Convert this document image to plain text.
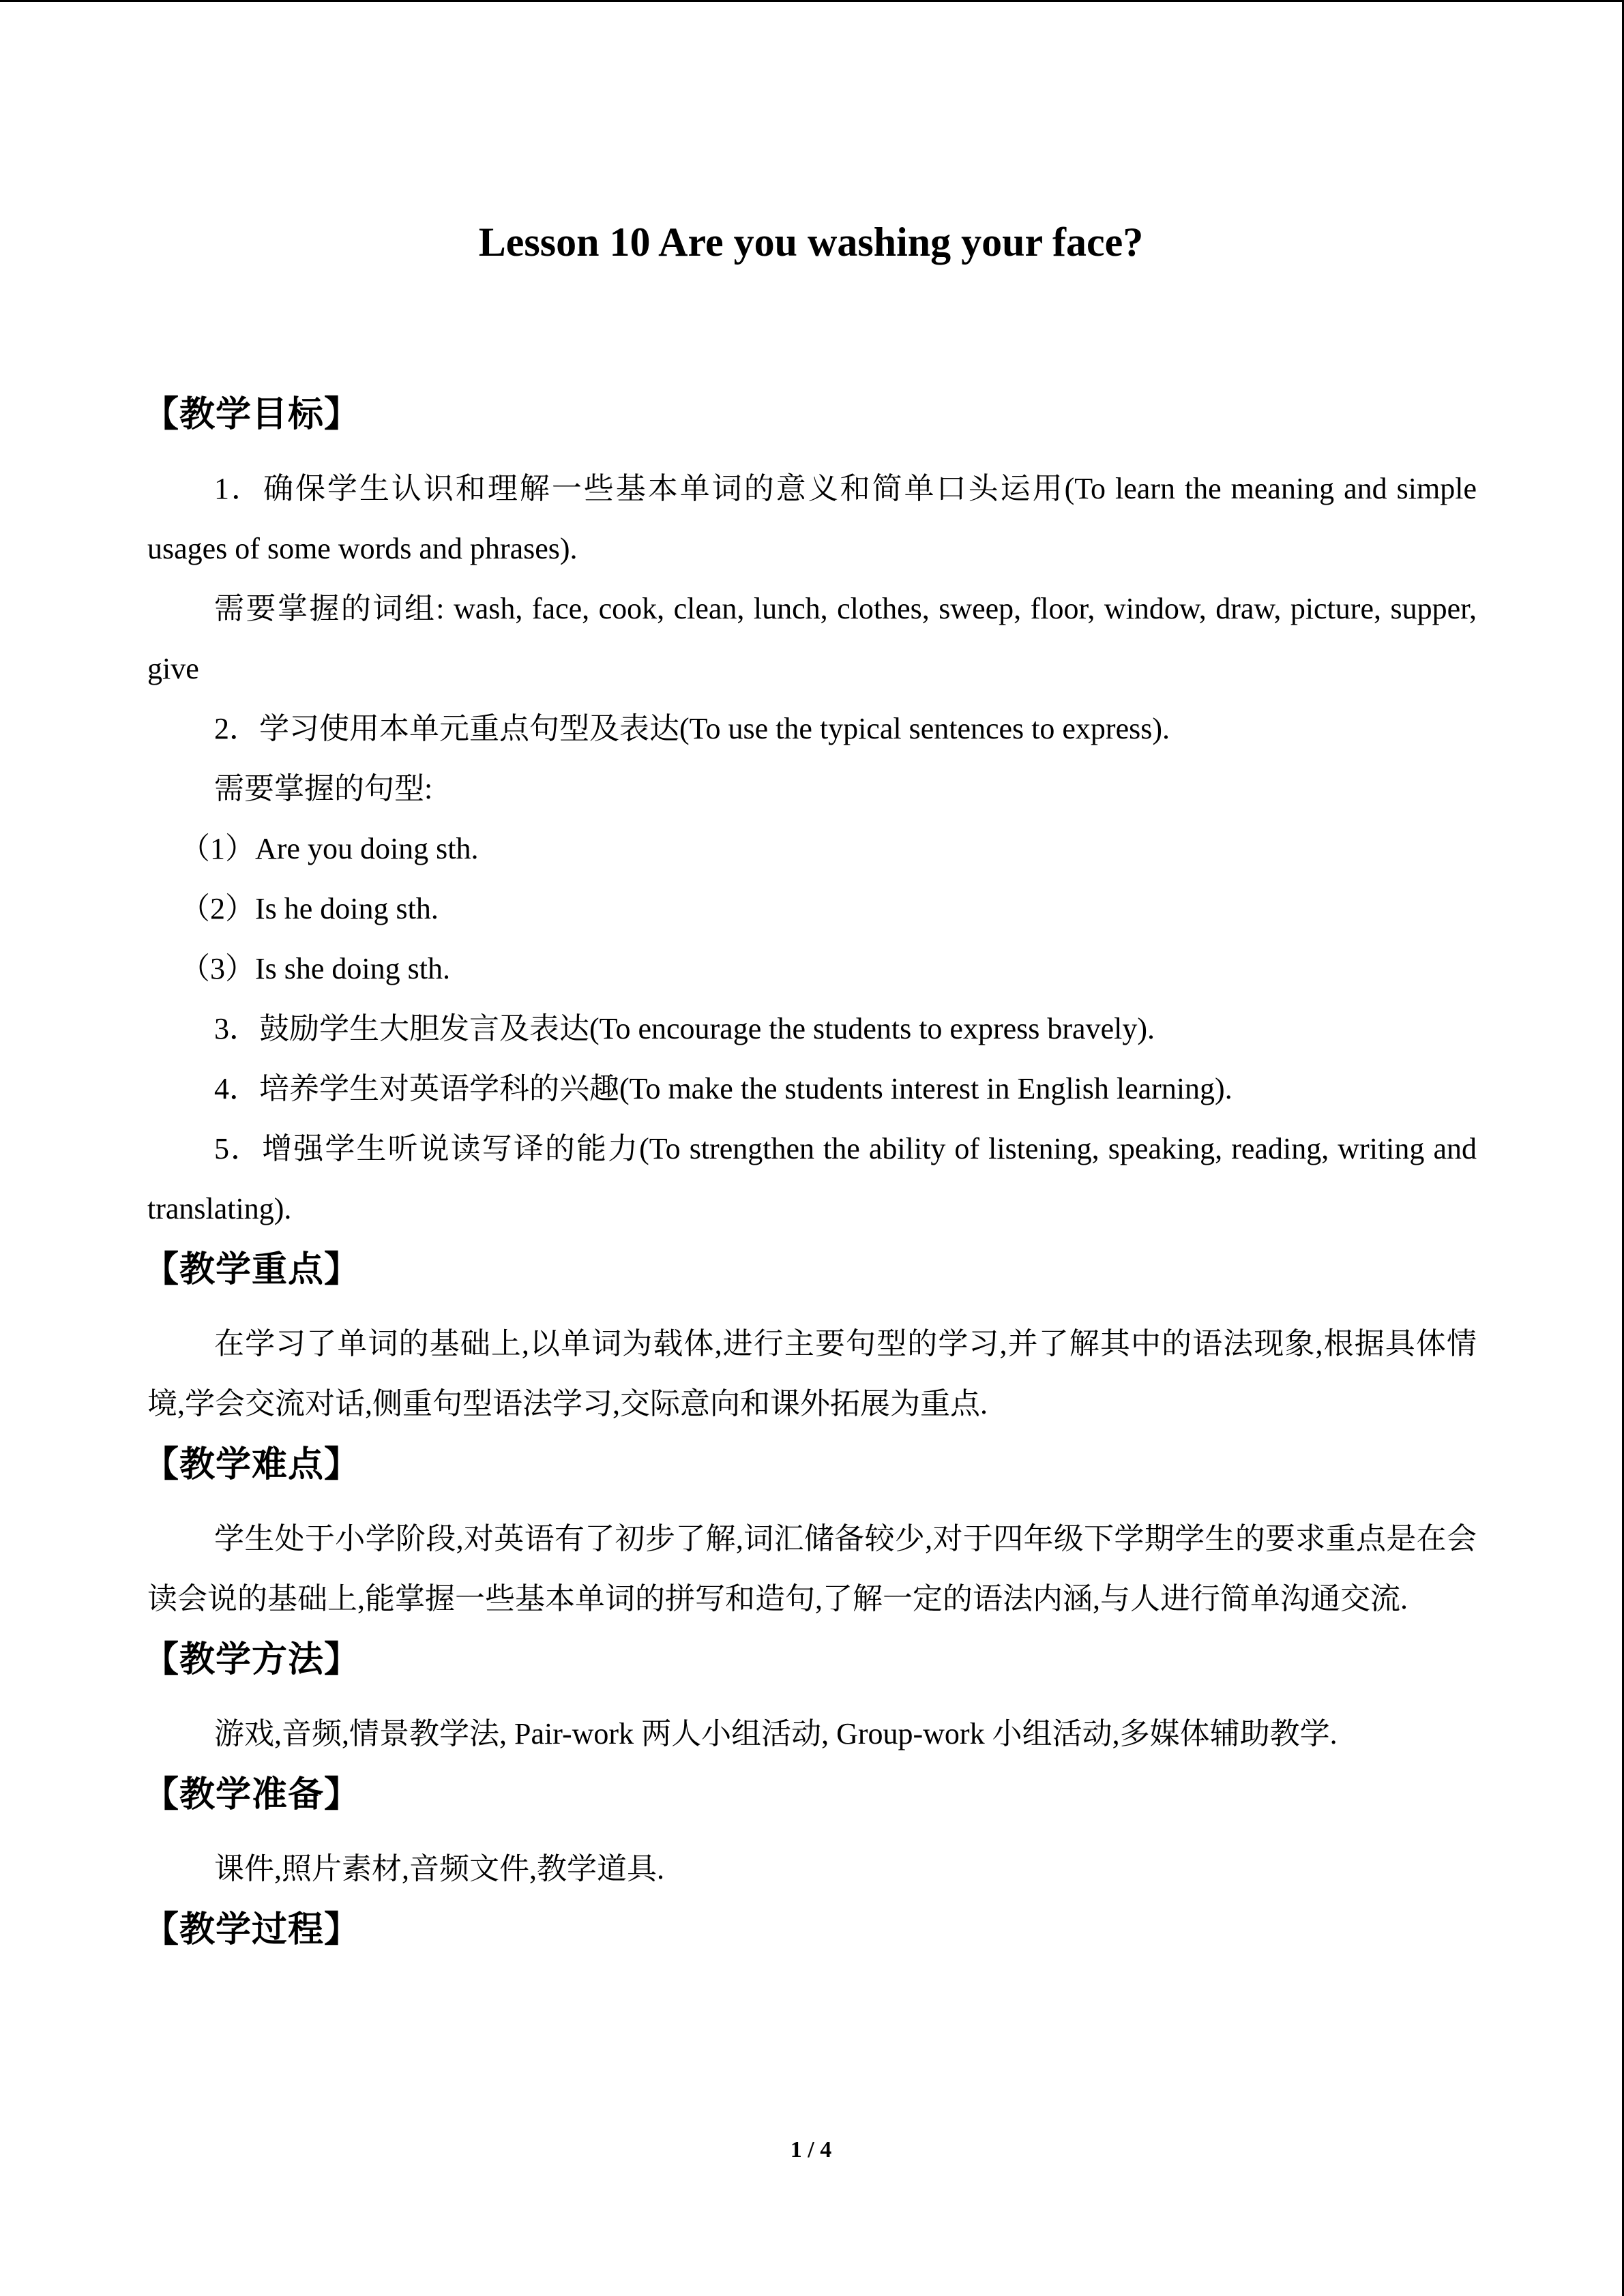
Lesson 10 Are you washing your face?
【教学目标】

1．确保学生认识和理解一些基本单词的意义和简单口头运用(To learn the meaning and simple usages of some words and phrases).

需要掌握的词组: wash, face, cook, clean, lunch, clothes, sweep, floor, window, draw, picture, supper, give

2．学习使用本单元重点句型及表达(To use the typical sentences to express).

需要掌握的句型:

（1）Are you doing sth.

（2）Is he doing sth.

（3）Is she doing sth.

3．鼓励学生大胆发言及表达(To encourage the students to express bravely).

4．培养学生对英语学科的兴趣(To make the students interest in English learning).

5．增强学生听说读写译的能力(To strengthen the ability of listening, speaking, reading, writing and translating).

【教学重点】

在学习了单词的基础上,以单词为载体,进行主要句型的学习,并了解其中的语法现象,根据具体情境,学会交流对话,侧重句型语法学习,交际意向和课外拓展为重点.

【教学难点】

学生处于小学阶段,对英语有了初步了解,词汇储备较少,对于四年级下学期学生的要求重点是在会读会说的基础上,能掌握一些基本单词的拼写和造句,了解一定的语法内涵,与人进行简单沟通交流.

【教学方法】

游戏,音频,情景教学法, Pair-work 两人小组活动, Group-work 小组活动,多媒体辅助教学.

【教学准备】

课件,照片素材,音频文件,教学道具.

【教学过程】
1 / 4
